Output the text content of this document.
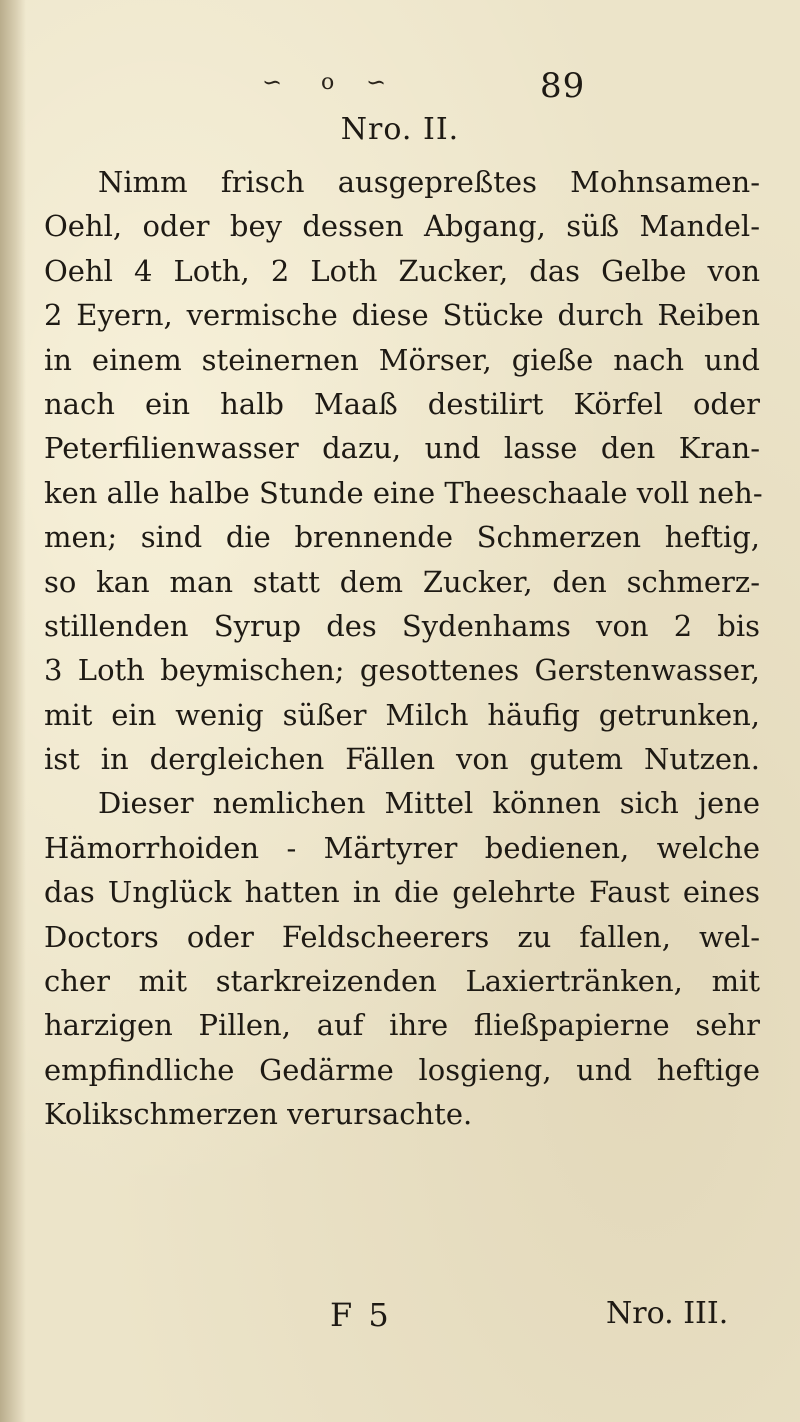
∽ o ∽	89
Nro. II.
Nimm frisch ausgepreßtes Mohnsamen-
Oehl, oder bey dessen Abgang, süß Mandel-
Oehl 4 Loth, 2 Loth Zucker, das Gelbe von
2 Eyern, vermische diese Stücke durch Reiben
in einem steinernen Mörser, gieße nach und
nach ein halb Maaß destilirt Körfel oder
Peterfilienwasser dazu, und lasse den Kran-
ken alle halbe Stunde eine Theeschaale voll neh-
men; sind die brennende Schmerzen heftig,
so kan man statt dem Zucker, den schmerz-
stillenden Syrup des Sydenhams von 2 bis
3 Loth beymischen; gesottenes Gerstenwasser,
mit ein wenig süßer Milch häufig getrunken,
ist in dergleichen Fällen von gutem Nutzen.
Dieser nemlichen Mittel können sich jene
Hämorrhoiden - Märtyrer bedienen, welche
das Unglück hatten in die gelehrte Faust eines
Doctors oder Feldscheerers zu fallen, wel-
cher mit starkreizenden Laxiertränken, mit
harzigen Pillen, auf ihre fließpapierne sehr
empfindliche Gedärme losgieng, und heftige
Kolikschmerzen verursachte.
F 5	Nro. III.
